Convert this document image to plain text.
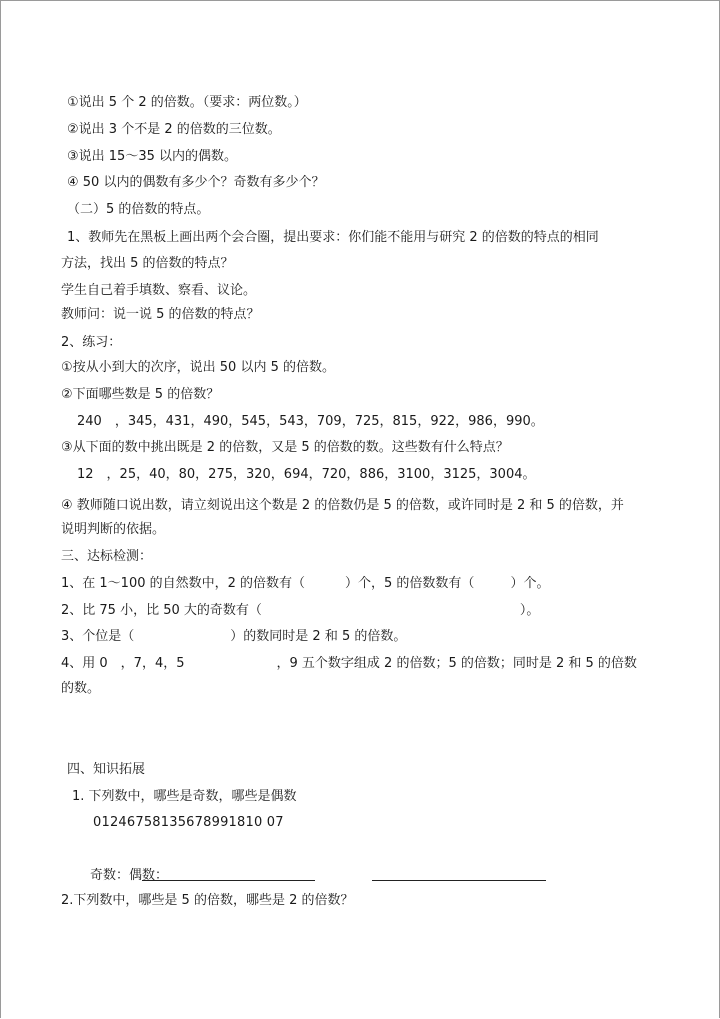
①说出 5 个 2 的倍数。（要求：两位数。）
②说出 3 个不是 2 的倍数的三位数。
③说出 15～35 以内的偶数。
④ 50 以内的偶数有多少个？奇数有多少个？
（二）5 的倍数的特点。
1、教师先在黑板上画出两个会合圈，提出要求：你们能不能用与研究 2 的倍数的特点的相同
方法，找出 5 的倍数的特点？
学生自己着手填数、察看、议论。
教师问：说一说 5 的倍数的特点？
2、练习：
①按从小到大的次序，说出 50 以内 5 的倍数。
②下面哪些数是 5 的倍数？
240　，345，431，490，545，543，709，725，815，922，986，990。
③从下面的数中挑出既是 2 的倍数，又是 5 的倍数的数。这些数有什么特点？
12　，25，40，80，275，320，694，720，886，3100，3125，3004。
④ 教师随口说出数，请立刻说出这个数是 2 的倍数仍是 5 的倍数，或许同时是 2 和 5 的倍数，并
说明判断的依据。
三、达标检测：
1、在 1～100 的自然数中，2 的倍数有（	）个，5 的倍数数有（	）个。
2、比 75 小，比 50 大的奇数有（	）。
3、个位是（	）的数同时是 2 和 5 的倍数。
4、用 0　，7，4，5	，9 五个数字组成 2 的倍数；5 的倍数；同时是 2 和 5 的倍数
的数。
四、知识拓展
1. 下列数中，哪些是奇数，哪些是偶数
01246758135678991810 07
奇数：偶数：
2.下列数中，哪些是 5 的倍数，哪些是 2 的倍数？
